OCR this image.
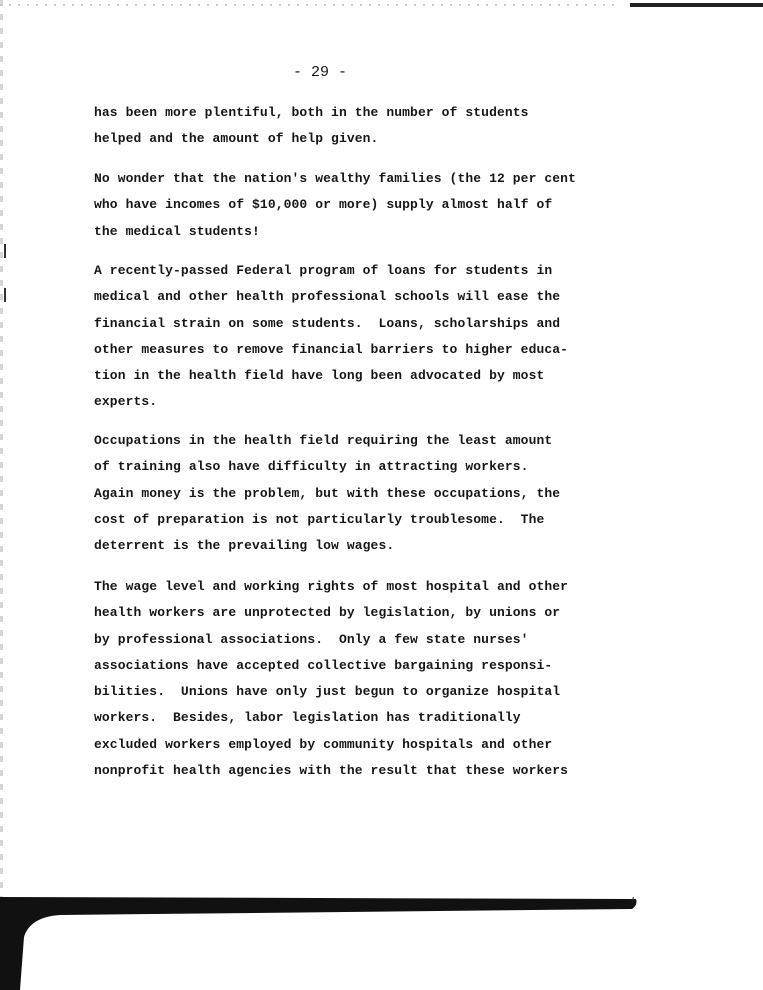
- 29 -
has been more plentiful, both in the number of students
helped and the amount of help given.
No wonder that the nation's wealthy families (the 12 per cent
who have incomes of $10,000 or more) supply almost half of
the medical students!
A recently-passed Federal program of loans for students in
medical and other health professional schools will ease the
financial strain on some students.  Loans, scholarships and
other measures to remove financial barriers to higher educa-
tion in the health field have long been advocated by most
experts.
Occupations in the health field requiring the least amount
of training also have difficulty in attracting workers.
Again money is the problem, but with these occupations, the
cost of preparation is not particularly troublesome.  The
deterrent is the prevailing low wages.
The wage level and working rights of most hospital and other
health workers are unprotected by legislation, by unions or
by professional associations.  Only a few state nurses'
associations have accepted collective bargaining responsi-
bilities.  Unions have only just begun to organize hospital
workers.  Besides, labor legislation has traditionally
excluded workers employed by community hospitals and other
nonprofit health agencies with the result that these workers
